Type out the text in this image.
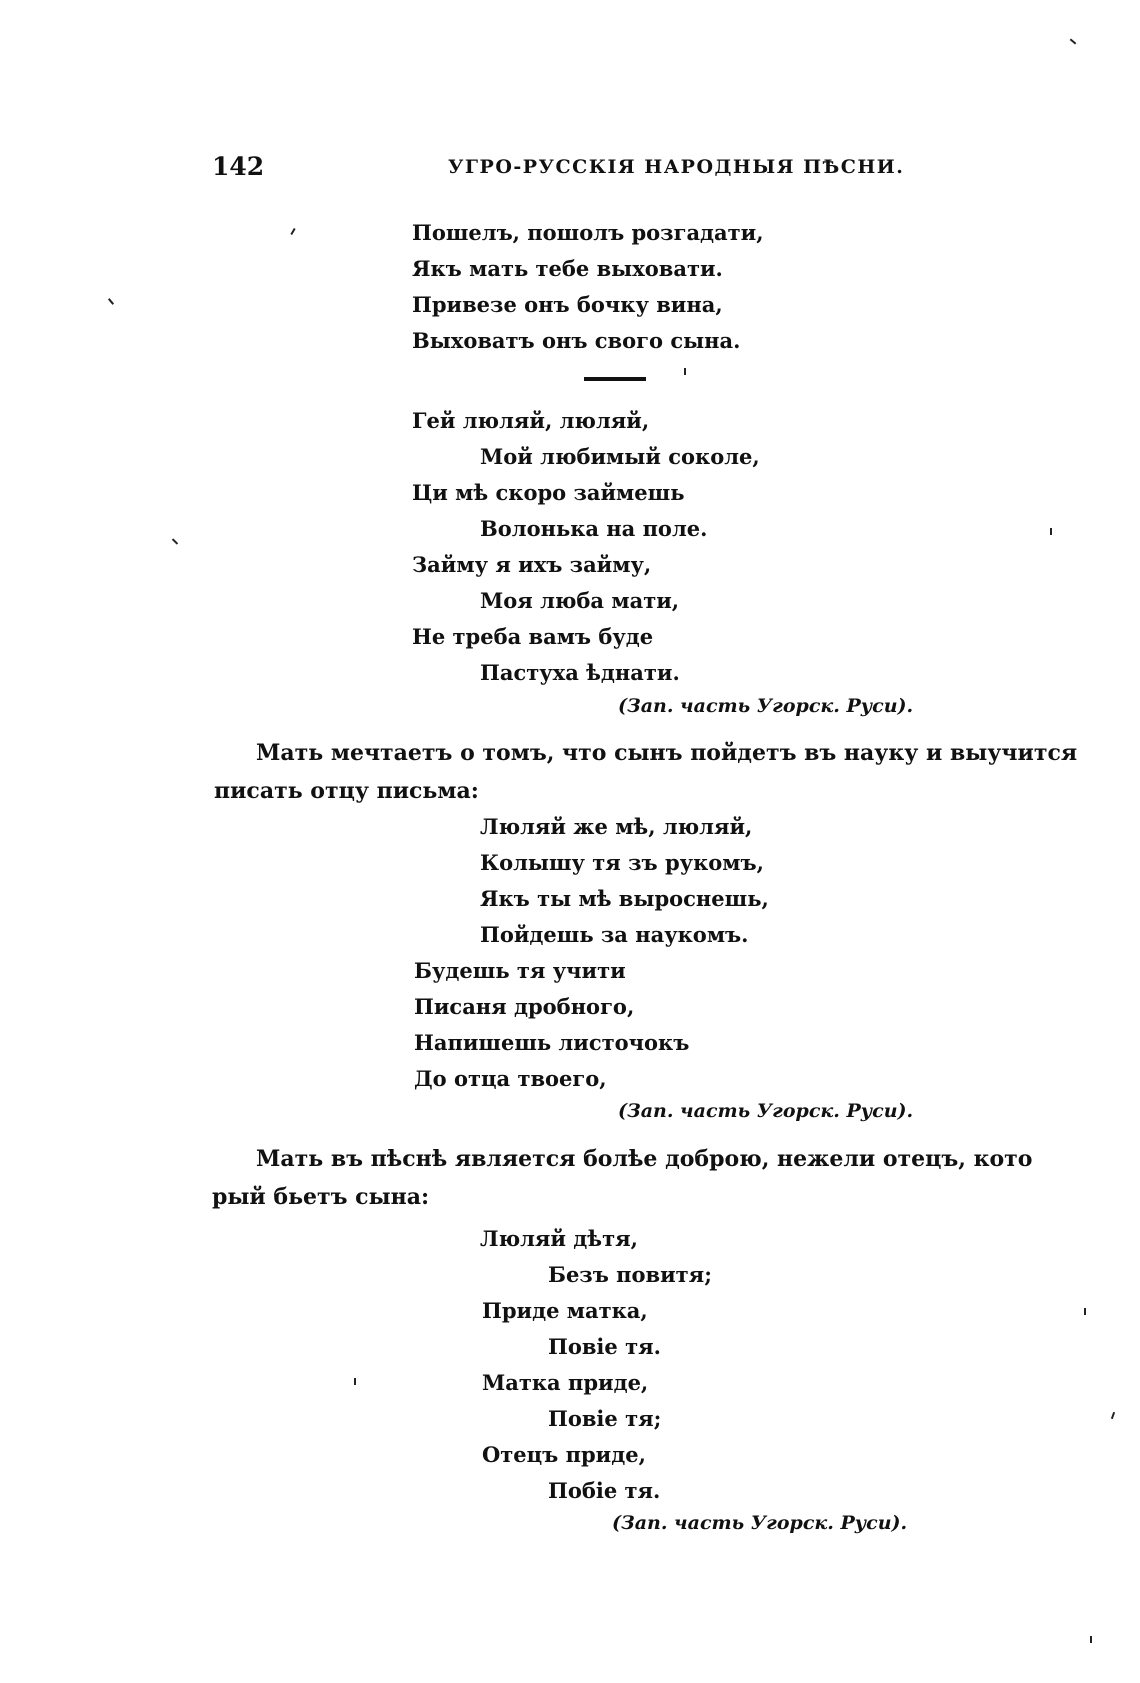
142	УГРО-РУССКІЯ НАРОДНЫЯ ПѢСНИ.
Пошелъ, пошолъ розгадати,
Якъ мать тебе выховати.
Привезе онъ бочку вина,
Выховатъ онъ свого сына.
Гей люляй, люляй,
Мой любимый соколе,
Ци мѣ скоро займешь
Волонька на поле.
Займу я ихъ займу,
Моя люба мати,
Не треба вамъ буде
Пастуха ѣднати.
(Зап. часть Угорск. Руси).
Мать мечтаетъ о томъ, что сынъ пойдетъ въ науку и выучится
писать отцу письма:
Люляй же мѣ, люляй,
Колышу тя зъ рукомъ,
Якъ ты мѣ выроснешь,
Пойдешь за наукомъ.
Будешь тя учити
Писаня дробного,
Напишешь листочокъ
До отца твоего,
(Зап. часть Угорск. Руси).
Мать въ пѣснѣ является болѣе доброю, нежели отецъ, кото
рый бьетъ сына:
Люляй дѣтя,
Безъ повитя;
Приде матка,
Повіе тя.
Матка приде,
Повіе тя;
Отецъ приде,
Побіе тя.
(Зап. часть Угорск. Руси).
